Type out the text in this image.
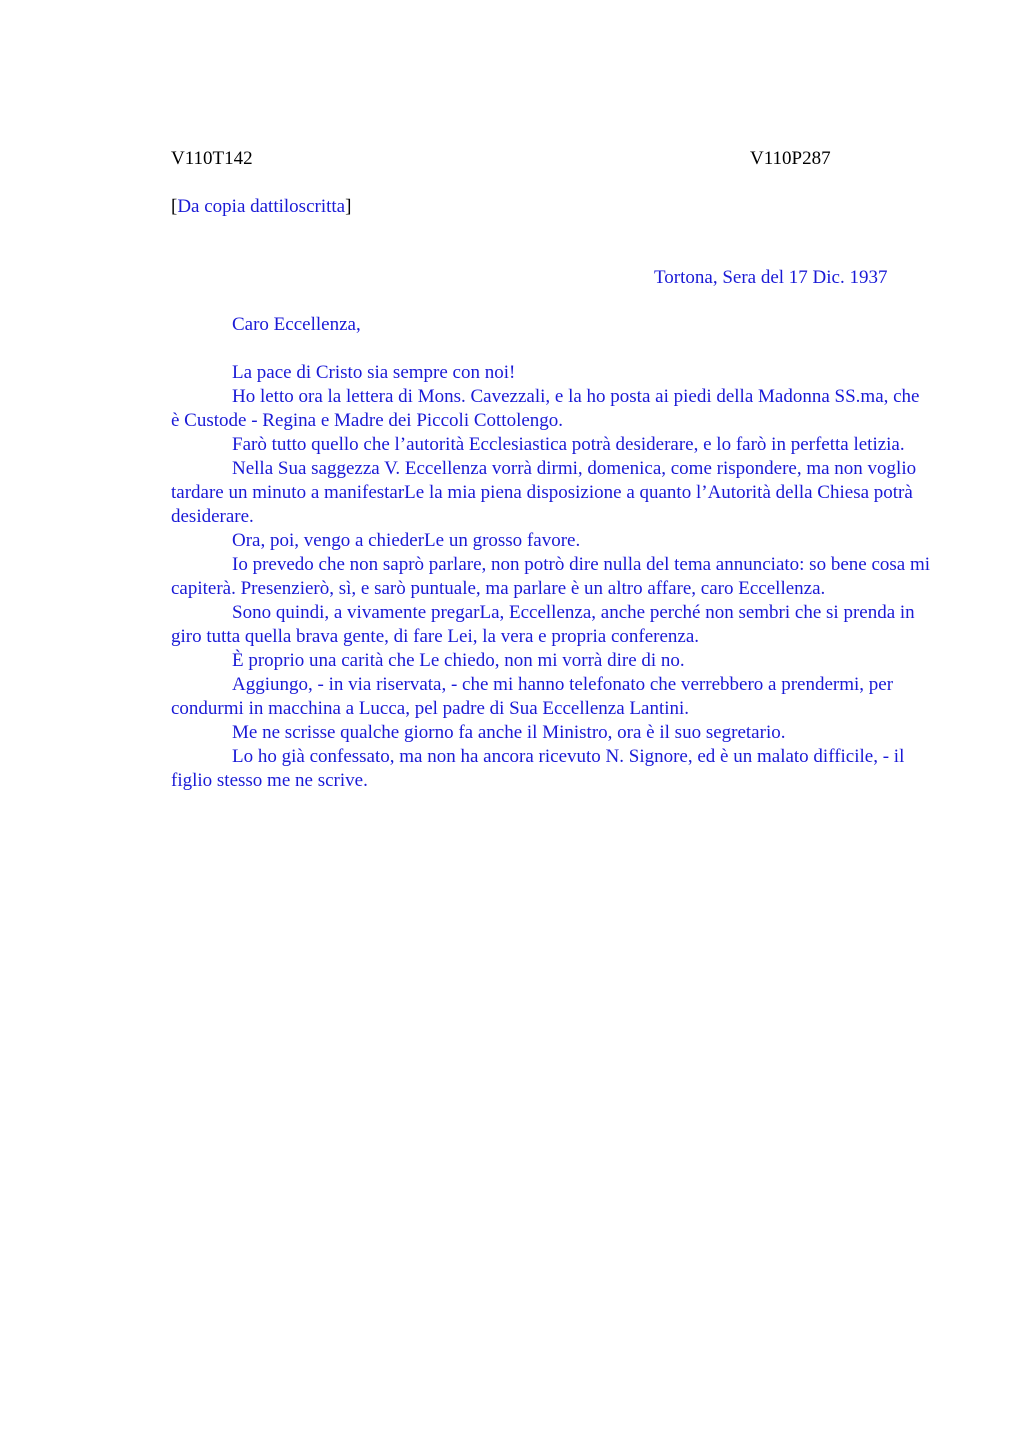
V110T142	V110P287
[Da copia dattiloscritta]
Tortona, Sera del 17 Dic. 1937
Caro Eccellenza,

La pace di Cristo sia sempre con noi!

Ho letto ora la lettera di Mons. Cavezzali, e la ho posta ai piedi della Madonna SS.ma, che è Custode - Regina e Madre dei Piccoli Cottolengo.

Farò tutto quello che l’autorità Ecclesiastica potrà desiderare, e lo farò in perfetta letizia.

Nella Sua saggezza V. Eccellenza vorrà dirmi, domenica, come rispondere, ma non voglio tardare un minuto a manifestarLe la mia piena disposizione a quanto l’Autorità della Chiesa potrà desiderare.

Ora, poi, vengo a chiederLe un grosso favore.

Io prevedo che non saprò parlare, non potrò dire nulla del tema annunciato: so bene cosa mi capiterà. Presenzierò, sì, e sarò puntuale, ma parlare è un altro affare, caro Eccellenza.

Sono quindi, a vivamente pregarLa, Eccellenza, anche perché non sembri che si prenda in giro tutta quella brava gente, di fare Lei, la vera e propria conferenza.

È proprio una carità che Le chiedo, non mi vorrà dire di no.

Aggiungo, - in via riservata, - che mi hanno telefonato che verrebbero a prendermi, per condurmi in macchina a Lucca, pel padre di Sua Eccellenza Lantini.

Me ne scrisse qualche giorno fa anche il Ministro, ora è il suo segretario.

Lo ho già confessato, ma non ha ancora ricevuto N. Signore, ed è un malato difficile, - il figlio stesso me ne scrive.
